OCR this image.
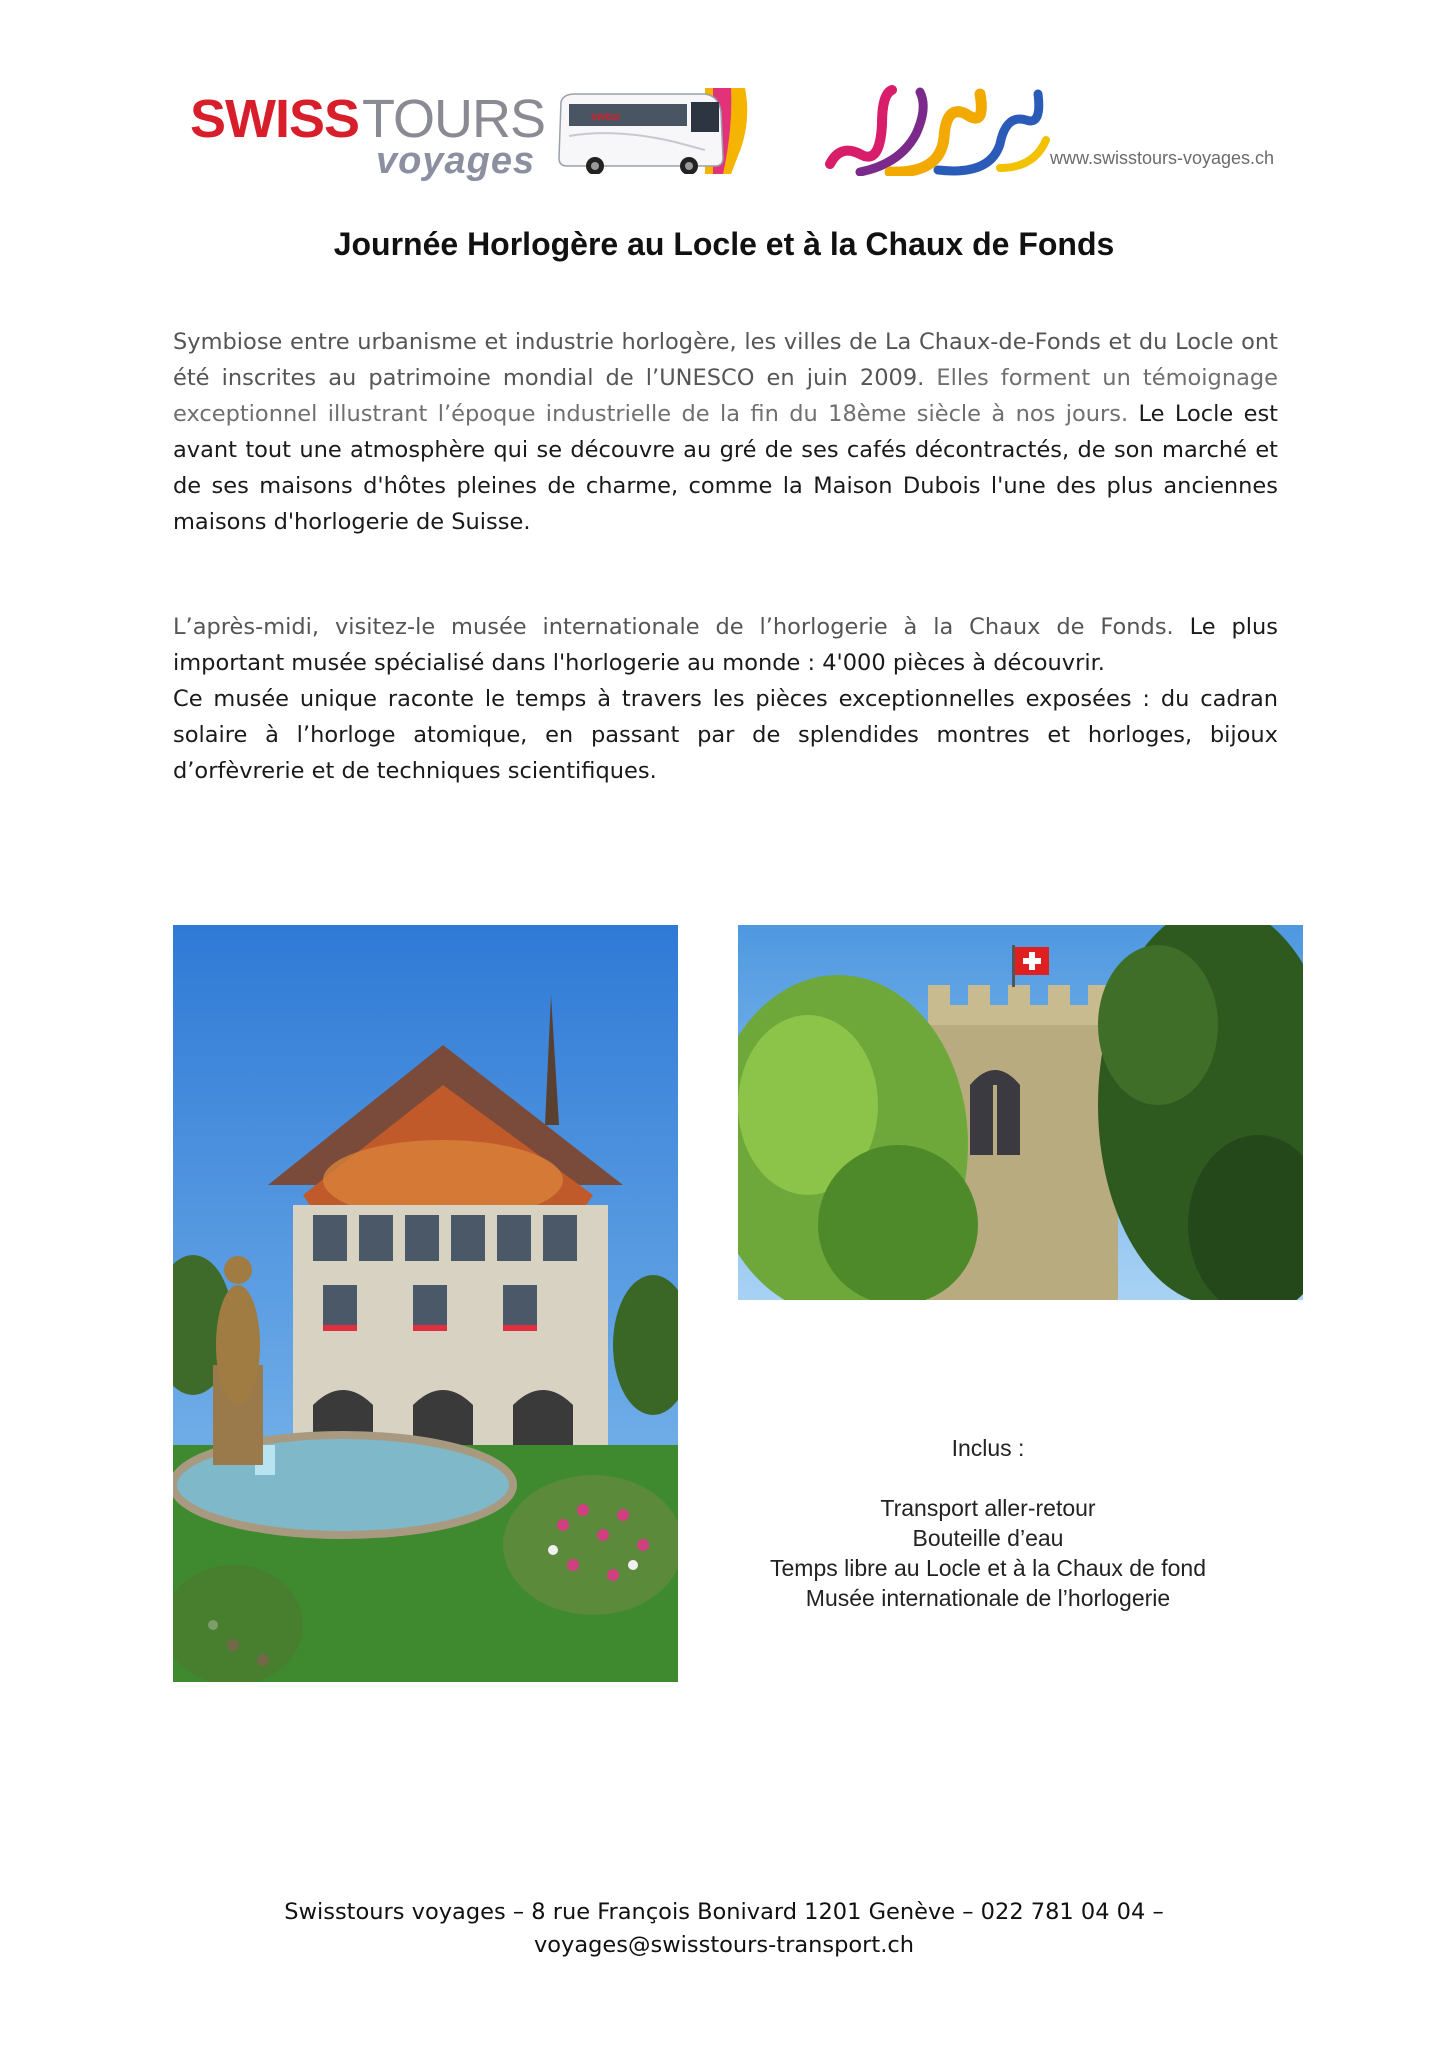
SWISS TOURS
voyages
SWISS
www.swisstours-voyages.ch
Journée Horlogère au Locle et à la Chaux de Fonds
Symbiose entre urbanisme et industrie horlogère, les villes de La Chaux-de-Fonds et du Locle ont été inscrites au patrimoine mondial de l’UNESCO en juin 2009. Elles forment un témoignage exceptionnel illustrant l’époque industrielle de la fin du 18ème siècle à nos jours. Le Locle est avant tout une atmosphère qui se découvre au gré de ses cafés décontractés, de son marché et de ses maisons d'hôtes pleines de charme, comme la Maison Dubois l'une des plus anciennes maisons d'horlogerie de Suisse.
L’après-midi, visitez-le musée internationale de l’horlogerie à la Chaux de Fonds. Le plus important musée spécialisé dans l'horlogerie au monde : 4'000 pièces à découvrir.
Ce musée unique raconte le temps à travers les pièces exceptionnelles exposées : du cadran solaire à l’horloge atomique, en passant par de splendides montres et horloges, bijoux d’orfèvrerie et de techniques scientifiques.
Inclus :
Transport aller-retour
Bouteille d’eau
Temps libre au Locle et à la Chaux de fond
Musée internationale de l’horlogerie
Swisstours voyages – 8 rue François Bonivard 1201 Genève – 022 781 04 04 –
voyages@swisstours-transport.ch
